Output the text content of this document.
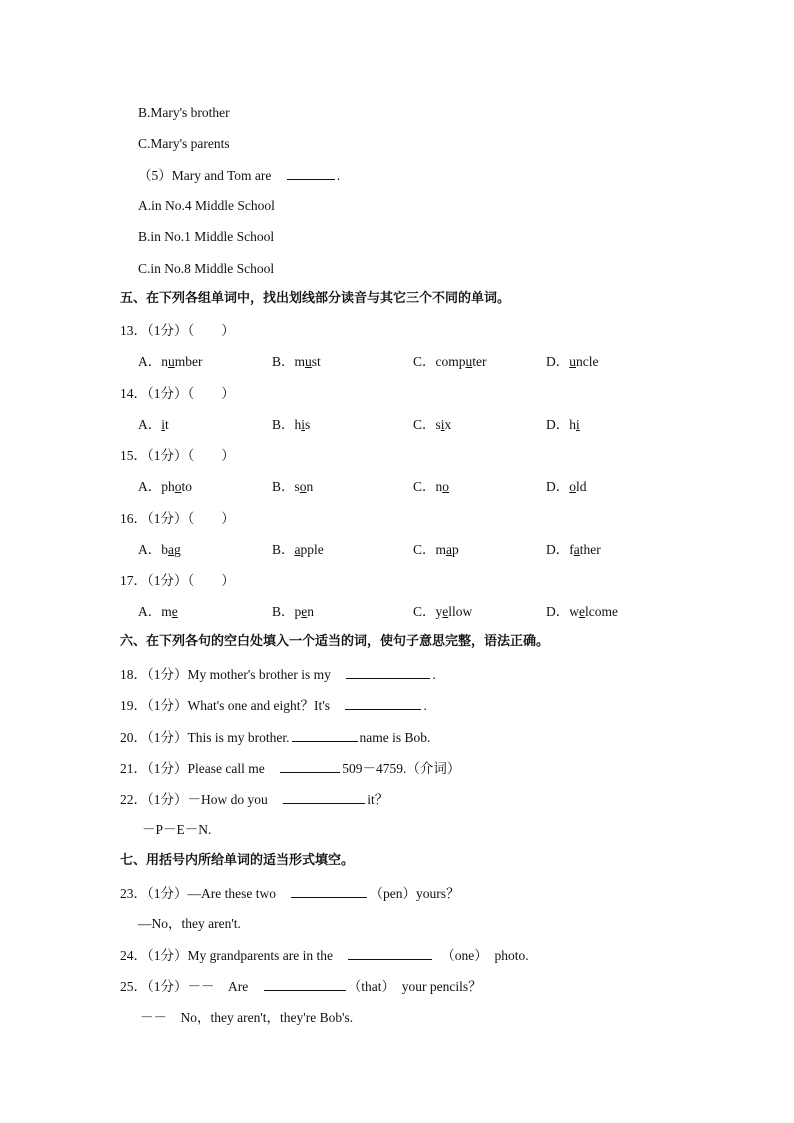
B.Mary's brother
C.Mary's parents
（5）Mary and Tom are　	.
A.in No.4 Middle School
B.in No.1 Middle School
C.in No.8 Middle School
五、在下列各组单词中，找出划线部分读音与其它三个不同的单词。
13．（1分）（　　）
A．number	B．must	C．computer	D．uncle
14．（1分）（　　）
A．it	B．his	C．six	D．hi
15．（1分）（　　）
A．photo	B．son	C．no	D．old
16．（1分）（　　）
A．bag	B．apple	C．map	D．father
17．（1分）（　　）
A．me	B．pen	C．yellow	D．welcome
六、在下列各句的空白处填入一个适当的词，使句子意思完整，语法正确。
18．（1分）My mother's brother is my　	.
19．（1分）What's one and eight？It's　	.
20．（1分）This is my brother.	name is Bob.
21．（1分）Please call me　	509－4759.（介词）
22．（1分）－How do you　	it？
－P－E－N.
七、用括号内所给单词的适当形式填空。
23．（1分）—Are these two　	（pen）yours？
—No，they aren't.
24．（1分）My grandparents are in the　　	（one）　photo.
25．（1分）－－　Are　	（that）　your pencils？
－－　No，they aren't，they're Bob's.
